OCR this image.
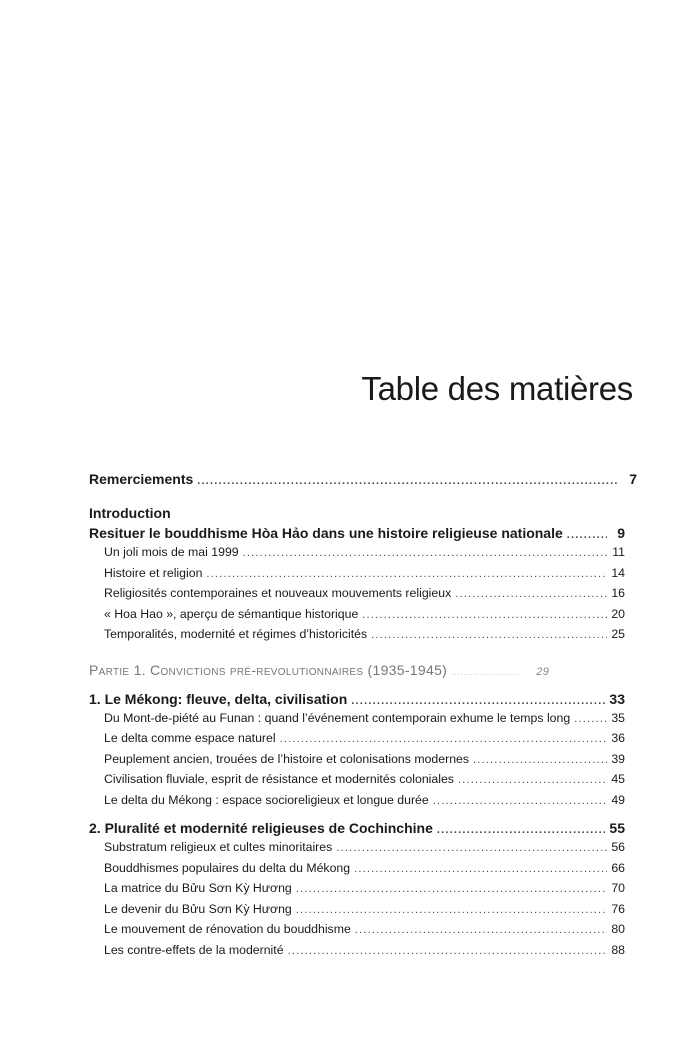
Table des matières
Remerciements .....	7
Introduction
Resituer le bouddhisme Hòa Hảo dans une histoire religieuse nationale .....	9
Un joli mois de mai 1999 .....	11
Histoire et religion .....	14
Religiosités contemporaines et nouveaux mouvements religieux .....	16
« Hoa Hao », aperçu de sémantique historique .....	20
Temporalités, modernité et régimes d’historicités .....	25
Partie 1. Convictions pré-revolutionnaires (1935-1945) .....	29
1. Le Mékong: fleuve, delta, civilisation .....	33
Du Mont-de-piété au Funan : quand l’événement contemporain exhume le temps long .....	35
Le delta comme espace naturel .....	36
Peuplement ancien, trouées de l’histoire et colonisations modernes .....	39
Civilisation fluviale, esprit de résistance et modernités coloniales .....	45
Le delta du Mékong : espace socioreligieux et longue durée .....	49
2. Pluralité et modernité religieuses de Cochinchine .....	55
Substratum religieux et cultes minoritaires .....	56
Bouddhismes populaires du delta du Mékong .....	66
La matrice du Bửu Sơn Kỳ Hương .....	70
Le devenir du Bửu Sơn Kỳ Hương .....	76
Le mouvement de rénovation du bouddhisme .....	80
Les contre-effets de la modernité .....	88
